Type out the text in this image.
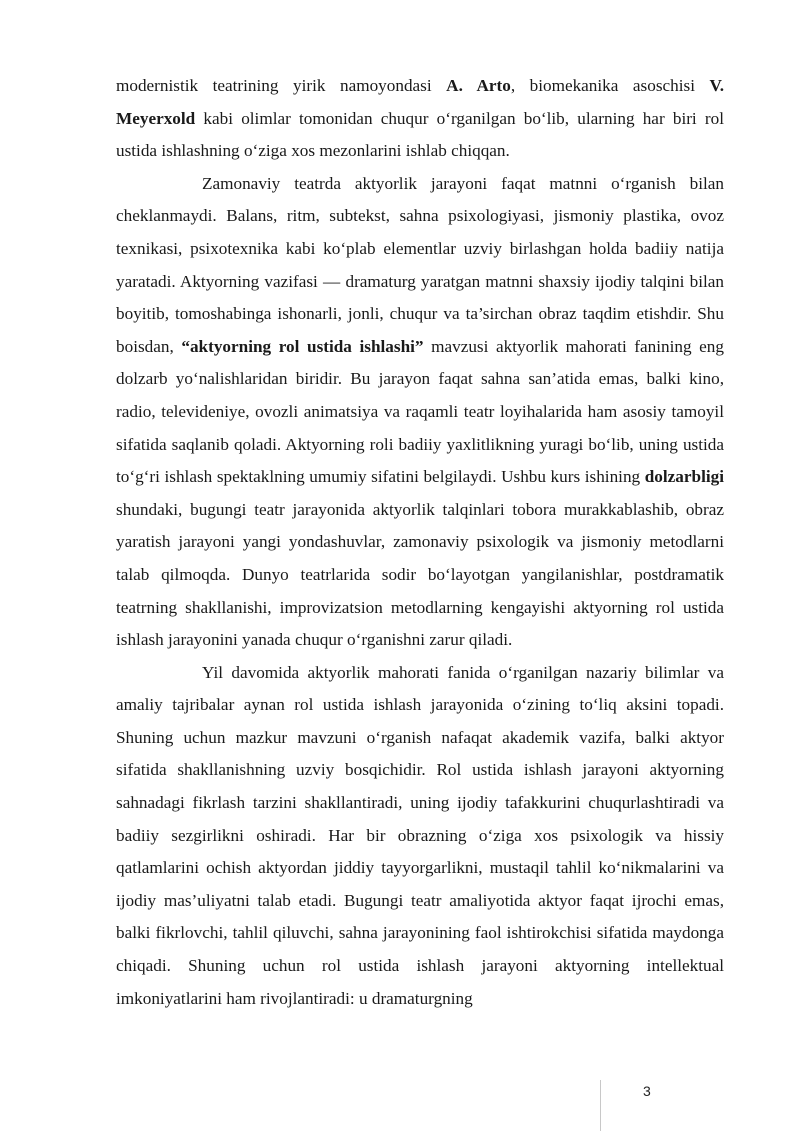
modernistik teatrining yirik namoyondasi A. Arto, biomekanika asoschisi V. Meyerxold kabi olimlar tomonidan chuqur o‘rganilgan bo‘lib, ularning har biri rol ustida ishlashning o‘ziga xos mezonlarini ishlab chiqqan.

Zamonaviy teatrda aktyorlik jarayoni faqat matnni o‘rganish bilan cheklanmaydi. Balans, ritm, subtekst, sahna psixologiyasi, jismoniy plastika, ovoz texnikasi, psixotexnika kabi ko‘plab elementlar uzviy birlashgan holda badiiy natija yaratadi. Aktyorning vazifasi — dramaturg yaratgan matnni shaxsiy ijodiy talqini bilan boyitib, tomoshabinga ishonarli, jonli, chuqur va ta’sirchan obraz taqdim etishdir. Shu boisdan, “aktyorning rol ustida ishlashi” mavzusi aktyorlik mahorati fanining eng dolzarb yo‘nalishlaridan biridir. Bu jarayon faqat sahna san’atida emas, balki kino, radio, televideniye, ovozli animatsiya va raqamli teatr loyihalarida ham asosiy tamoyil sifatida saqlanib qoladi. Aktyorning roli badiiy yaxlitlikning yuragi bo‘lib, uning ustida to‘g‘ri ishlash spektaklning umumiy sifatini belgilaydi. Ushbu kurs ishining dolzarbligi shundaki, bugungi teatr jarayonida aktyorlik talqinlari tobora murakkablashib, obraz yaratish jarayoni yangi yondashuvlar, zamonaviy psixologik va jismoniy metodlarni talab qilmoqda. Dunyo teatrlarida sodir bo‘layotgan yangilanishlar, postdramatik teatrning shakllanishi, improvizatsion metodlarning kengayishi aktyorning rol ustida ishlash jarayonini yanada chuqur o‘rganishni zarur qiladi.

Yil davomida aktyorlik mahorati fanida o‘rganilgan nazariy bilimlar va amaliy tajribalar aynan rol ustida ishlash jarayonida o‘zining to‘liq aksini topadi. Shuning uchun mazkur mavzuni o‘rganish nafaqat akademik vazifa, balki aktyor sifatida shakllanishning uzviy bosqichidir. Rol ustida ishlash jarayoni aktyorning sahnadagi fikrlash tarzini shakllantiradi, uning ijodiy tafakkurini chuqurlashtiradi va badiiy sezgirlikni oshiradi. Har bir obrazning o‘ziga xos psixologik va hissiy qatlamlarini ochish aktyordan jiddiy tayyorgarlikni, mustaqil tahlil ko‘nikmalarini va ijodiy mas’uliyatni talab etadi. Bugungi teatr amaliyotida aktyor faqat ijrochi emas, balki fikrlovchi, tahlil qiluvchi, sahna jarayonining faol ishtirokchisi sifatida maydonga chiqadi. Shuning uchun rol ustida ishlash jarayoni aktyorning intellektual imkoniyatlarini ham rivojlantiradi: u dramaturgning

3
